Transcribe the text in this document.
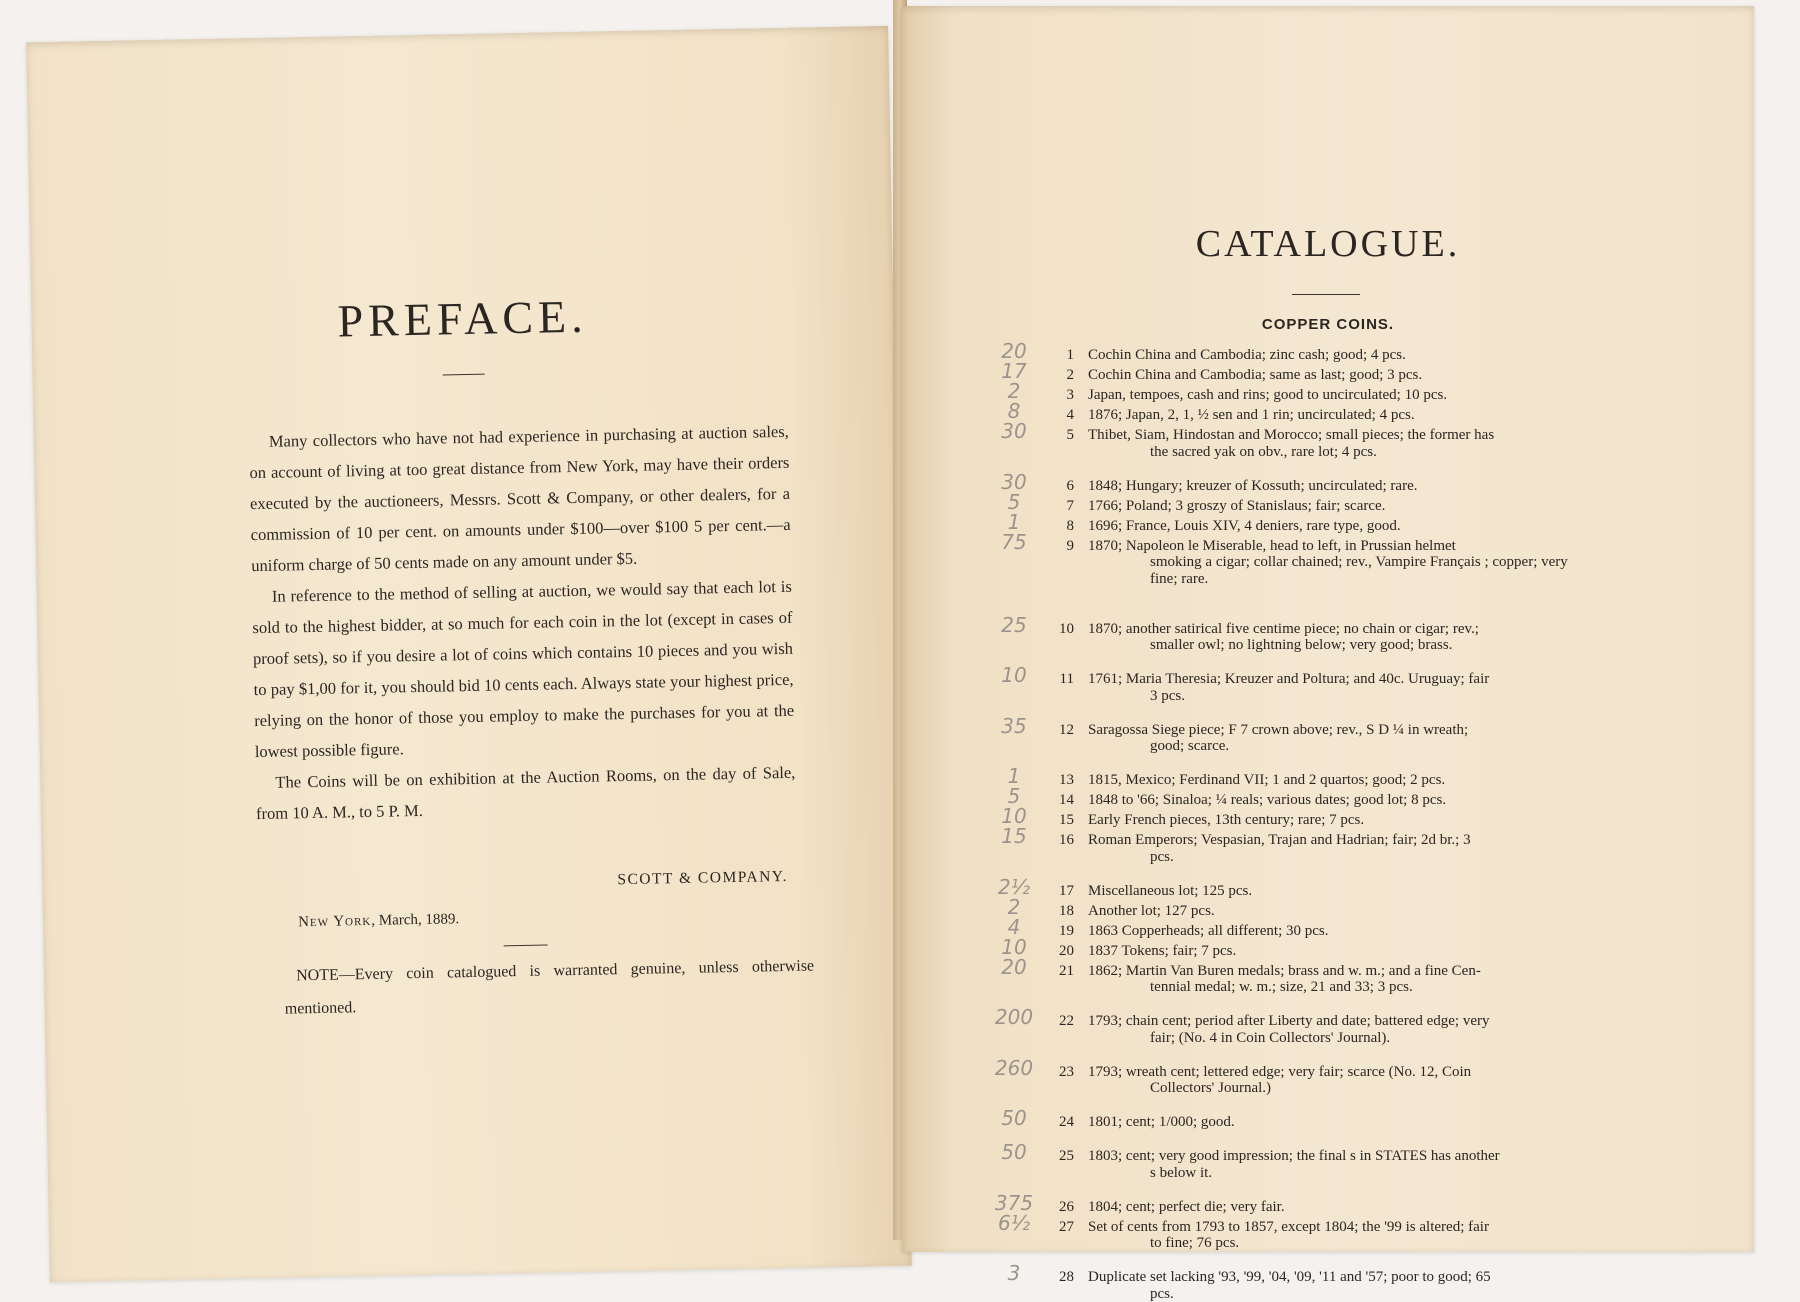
PREFACE.

Many collectors who have not had experience in purchasing at auction sales, on account of living at too great distance from New York, may have their orders executed by the auctioneers, Messrs. Scott & Company, or other dealers, for a commission of 10 per cent. on amounts under $100—over $100 5 per cent.—a uniform charge of 50 cents made on any amount under $5.

In reference to the method of selling at auction, we would say that each lot is sold to the highest bidder, at so much for each coin in the lot (except in cases of proof sets), so if you desire a lot of coins which contains 10 pieces and you wish to pay $1,00 for it, you should bid 10 cents each. Always state your highest price, relying on the honor of those you employ to make the purchases for you at the lowest possible figure.

The Coins will be on exhibition at the Auction Rooms, on the day of Sale, from 10 A. M., to 5 P. M.

SCOTT & COMPANY.
New York, March, 1889.

NOTE—Every coin catalogued is warranted genuine, unless otherwise mentioned.

CATALOGUE.
COPPER COINS.
20	1 Cochin China and Cambodia; zinc cash; good; 4 pcs.
17	2 Cochin China and Cambodia; same as last; good; 3 pcs.
2	3 Japan, tempoes, cash and rins; good to uncirculated; 10 pcs.
8	4 1876; Japan, 2, 1, ½ sen and 1 rin; uncirculated; 4 pcs.
30	5 Thibet, Siam, Hindostan and Morocco; small pieces; the former has
the sacred yak on obv., rare lot; 4 pcs.
30	6 1848; Hungary; kreuzer of Kossuth; uncirculated; rare.
5	7 1766; Poland; 3 groszy of Stanislaus; fair; scarce.
1	8 1696; France, Louis XIV, 4 deniers, rare type, good.
75	9 1870; Napoleon le Miserable, head to left, in Prussian helmet
smoking a cigar; collar chained; rev., Vampire Français ; copper; very fine; rare.
25	10 1870; another satirical five centime piece; no chain or cigar; rev.;
smaller owl; no lightning below; very good; brass.
10	11 1761; Maria Theresia; Kreuzer and Poltura; and 40c. Uruguay; fair
3 pcs.
35	12 Saragossa Siege piece; F 7 crown above; rev., S D ¼ in wreath;
good; scarce.
1	13 1815, Mexico; Ferdinand VII; 1 and 2 quartos; good; 2 pcs.
5	14 1848 to '66; Sinaloa; ¼ reals; various dates; good lot; 8 pcs.
10	15 Early French pieces, 13th century; rare; 7 pcs.
15	16 Roman Emperors; Vespasian, Trajan and Hadrian; fair; 2d br.; 3
pcs.
2½	17 Miscellaneous lot; 125 pcs.
2	18 Another lot; 127 pcs.
4	19 1863 Copperheads; all different; 30 pcs.
10	20 1837 Tokens; fair; 7 pcs.
20	21 1862; Martin Van Buren medals; brass and w. m.; and a fine Cen-
tennial medal; w. m.; size, 21 and 33; 3 pcs.
200	22 1793; chain cent; period after Liberty and date; battered edge; very
fair; (No. 4 in Coin Collectors' Journal).
260	23 1793; wreath cent; lettered edge; very fair; scarce (No. 12, Coin
Collectors' Journal.)
50	24 1801; cent; 1/000; good.
50	25 1803; cent; very good impression; the final s in STATES has another
s below it.
375	26 1804; cent; perfect die; very fair.
6½	27 Set of cents from 1793 to 1857, except 1804; the '99 is altered; fair
to fine; 76 pcs.
3	28 Duplicate set lacking '93, '99, '04, '09, '11 and '57; poor to good; 65
pcs.
